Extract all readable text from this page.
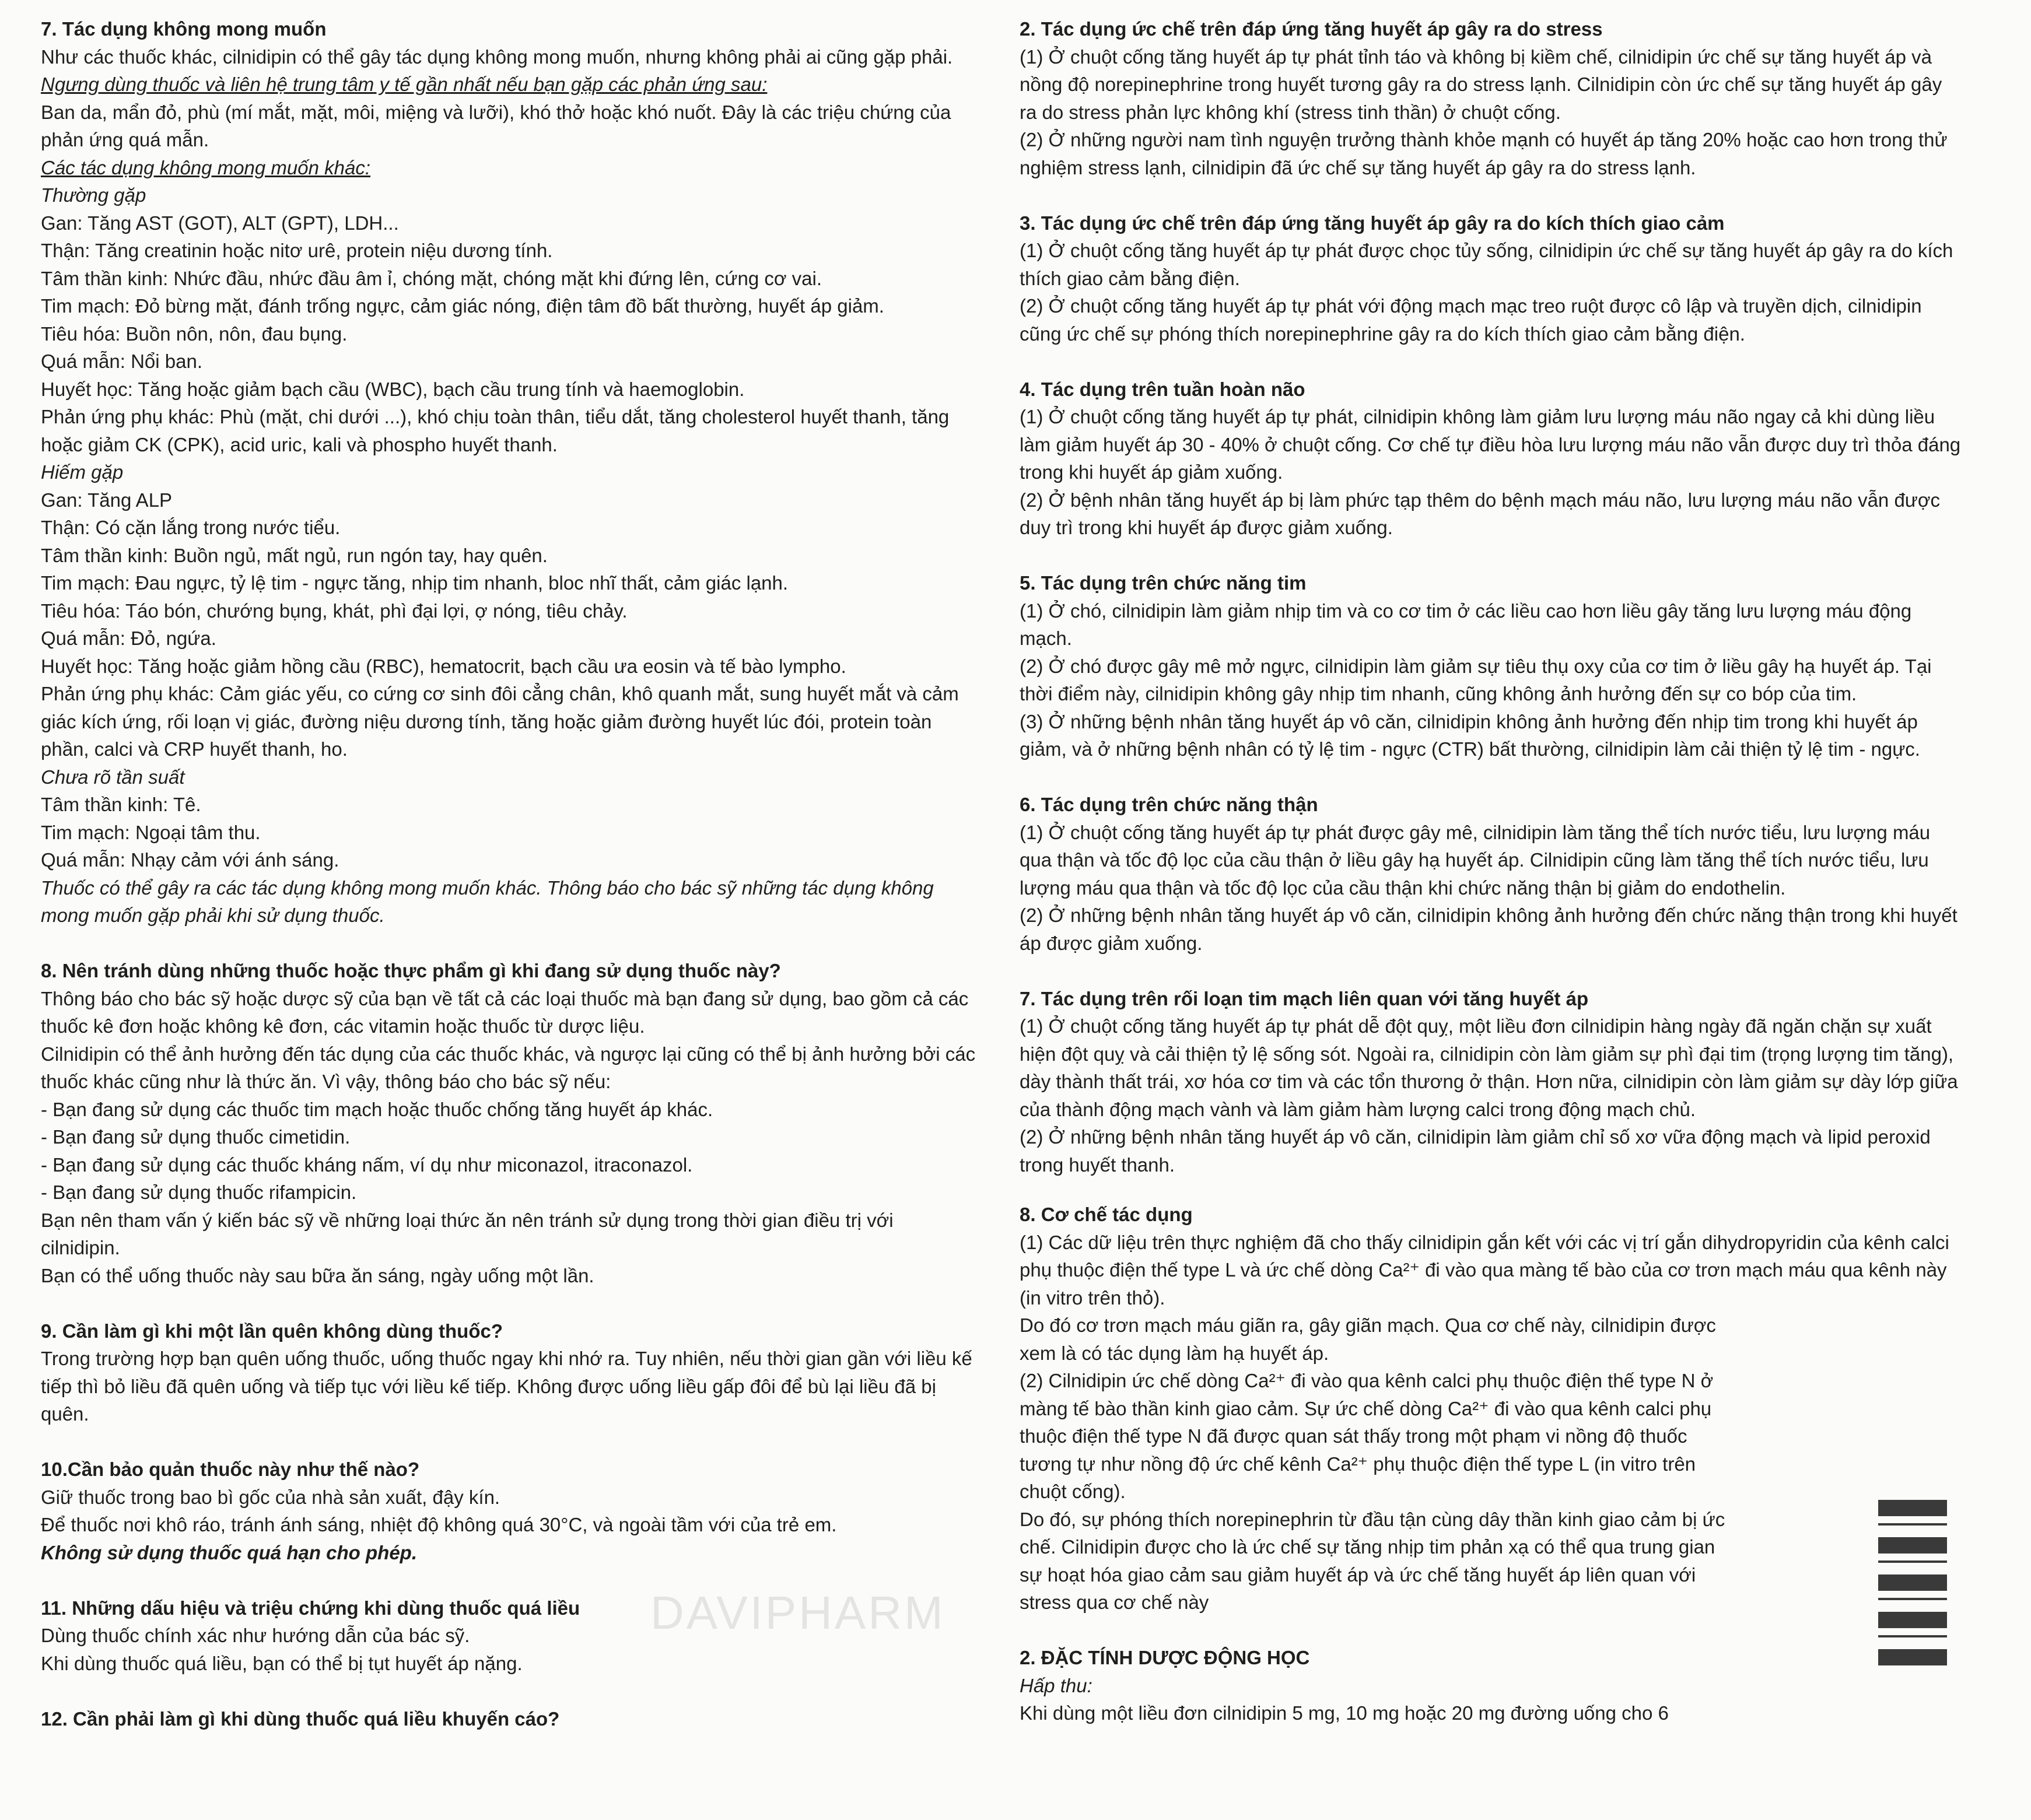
7. Tác dụng không mong muốn

Như các thuốc khác, cilnidipin có thể gây tác dụng không mong muốn, nhưng không phải ai cũng gặp phải.

Ngưng dùng thuốc và liên hệ trung tâm y tế gần nhất nếu bạn gặp các phản ứng sau:

Ban da, mẩn đỏ, phù (mí mắt, mặt, môi, miệng và lưỡi), khó thở hoặc khó nuốt. Đây là các triệu chứng của phản ứng quá mẫn.

Các tác dụng không mong muốn khác:

Thường gặp

Gan: Tăng AST (GOT), ALT (GPT), LDH...

Thận: Tăng creatinin hoặc nitơ urê, protein niệu dương tính.

Tâm thần kinh: Nhức đầu, nhức đầu âm ỉ, chóng mặt, chóng mặt khi đứng lên, cứng cơ vai.

Tim mạch: Đỏ bừng mặt, đánh trống ngực, cảm giác nóng, điện tâm đồ bất thường, huyết áp giảm.

Tiêu hóa: Buồn nôn, nôn, đau bụng.

Quá mẫn: Nổi ban.

Huyết học: Tăng hoặc giảm bạch cầu (WBC), bạch cầu trung tính và haemoglobin.

Phản ứng phụ khác: Phù (mặt, chi dưới ...), khó chịu toàn thân, tiểu dắt, tăng cholesterol huyết thanh, tăng hoặc giảm CK (CPK), acid uric, kali và phospho huyết thanh.

Hiếm gặp

Gan: Tăng ALP

Thận: Có cặn lắng trong nước tiểu.

Tâm thần kinh: Buồn ngủ, mất ngủ, run ngón tay, hay quên.

Tim mạch: Đau ngực, tỷ lệ tim - ngực tăng, nhịp tim nhanh, bloc nhĩ thất, cảm giác lạnh.

Tiêu hóa: Táo bón, chướng bụng, khát, phì đại lợi, ợ nóng, tiêu chảy.

Quá mẫn: Đỏ, ngứa.

Huyết học: Tăng hoặc giảm hồng cầu (RBC), hematocrit, bạch cầu ưa eosin và tế bào lympho.

Phản ứng phụ khác: Cảm giác yếu, co cứng cơ sinh đôi cẳng chân, khô quanh mắt, sung huyết mắt và cảm giác kích ứng, rối loạn vị giác, đường niệu dương tính, tăng hoặc giảm đường huyết lúc đói, protein toàn phần, calci và CRP huyết thanh, ho.

Chưa rõ tần suất

Tâm thần kinh: Tê.

Tim mạch: Ngoại tâm thu.

Quá mẫn: Nhạy cảm với ánh sáng.

Thuốc có thể gây ra các tác dụng không mong muốn khác. Thông báo cho bác sỹ những tác dụng không mong muốn gặp phải khi sử dụng thuốc.

8. Nên tránh dùng những thuốc hoặc thực phẩm gì khi đang sử dụng thuốc này?

Thông báo cho bác sỹ hoặc dược sỹ của bạn về tất cả các loại thuốc mà bạn đang sử dụng, bao gồm cả các thuốc kê đơn hoặc không kê đơn, các vitamin hoặc thuốc từ dược liệu.

Cilnidipin có thể ảnh hưởng đến tác dụng của các thuốc khác, và ngược lại cũng có thể bị ảnh hưởng bởi các thuốc khác cũng như là thức ăn. Vì vậy, thông báo cho bác sỹ nếu:

- Bạn đang sử dụng các thuốc tim mạch hoặc thuốc chống tăng huyết áp khác.

- Bạn đang sử dụng thuốc cimetidin.

- Bạn đang sử dụng các thuốc kháng nấm, ví dụ như miconazol, itraconazol.

- Bạn đang sử dụng thuốc rifampicin.

Bạn nên tham vấn ý kiến bác sỹ về những loại thức ăn nên tránh sử dụng trong thời gian điều trị với cilnidipin.

Bạn có thể uống thuốc này sau bữa ăn sáng, ngày uống một lần.

9. Cần làm gì khi một lần quên không dùng thuốc?

Trong trường hợp bạn quên uống thuốc, uống thuốc ngay khi nhớ ra. Tuy nhiên, nếu thời gian gần với liều kế tiếp thì bỏ liều đã quên uống và tiếp tục với liều kế tiếp. Không được uống liều gấp đôi để bù lại liều đã bị quên.

10.Cần bảo quản thuốc này như thế nào?

Giữ thuốc trong bao bì gốc của nhà sản xuất, đậy kín.

Để thuốc nơi khô ráo, tránh ánh sáng, nhiệt độ không quá 30°C, và ngoài tầm với của trẻ em.

Không sử dụng thuốc quá hạn cho phép.

11. Những dấu hiệu và triệu chứng khi dùng thuốc quá liều

Dùng thuốc chính xác như hướng dẫn của bác sỹ.

Khi dùng thuốc quá liều, bạn có thể bị tụt huyết áp nặng.

12. Cần phải làm gì khi dùng thuốc quá liều khuyến cáo?

2. Tác dụng ức chế trên đáp ứng tăng huyết áp gây ra do stress

(1) Ở chuột cống tăng huyết áp tự phát tỉnh táo và không bị kiềm chế, cilnidipin ức chế sự tăng huyết áp và nồng độ norepinephrine trong huyết tương gây ra do stress lạnh. Cilnidipin còn ức chế sự tăng huyết áp gây ra do stress phản lực không khí (stress tinh thần) ở chuột cống.

(2) Ở những người nam tình nguyện trưởng thành khỏe mạnh có huyết áp tăng 20% hoặc cao hơn trong thử nghiệm stress lạnh, cilnidipin đã ức chế sự tăng huyết áp gây ra do stress lạnh.

3. Tác dụng ức chế trên đáp ứng tăng huyết áp gây ra do kích thích giao cảm

(1) Ở chuột cống tăng huyết áp tự phát được chọc tủy sống, cilnidipin ức chế sự tăng huyết áp gây ra do kích thích giao cảm bằng điện.

(2) Ở chuột cống tăng huyết áp tự phát với động mạch mạc treo ruột được cô lập và truyền dịch, cilnidipin cũng ức chế sự phóng thích norepinephrine gây ra do kích thích giao cảm bằng điện.

4. Tác dụng trên tuần hoàn não

(1) Ở chuột cống tăng huyết áp tự phát, cilnidipin không làm giảm lưu lượng máu não ngay cả khi dùng liều làm giảm huyết áp 30 - 40% ở chuột cống. Cơ chế tự điều hòa lưu lượng máu não vẫn được duy trì thỏa đáng trong khi huyết áp giảm xuống.

(2) Ở bệnh nhân tăng huyết áp bị làm phức tạp thêm do bệnh mạch máu não, lưu lượng máu não vẫn được duy trì trong khi huyết áp được giảm xuống.

5. Tác dụng trên chức năng tim

(1) Ở chó, cilnidipin làm giảm nhịp tim và co cơ tim ở các liều cao hơn liều gây tăng lưu lượng máu động mạch.

(2) Ở chó được gây mê mở ngực, cilnidipin làm giảm sự tiêu thụ oxy của cơ tim ở liều gây hạ huyết áp. Tại thời điểm này, cilnidipin không gây nhịp tim nhanh, cũng không ảnh hưởng đến sự co bóp của tim.

(3) Ở những bệnh nhân tăng huyết áp vô căn, cilnidipin không ảnh hưởng đến nhịp tim trong khi huyết áp giảm, và ở những bệnh nhân có tỷ lệ tim - ngực (CTR) bất thường, cilnidipin làm cải thiện tỷ lệ tim - ngực.

6. Tác dụng trên chức năng thận

(1) Ở chuột cống tăng huyết áp tự phát được gây mê, cilnidipin làm tăng thể tích nước tiểu, lưu lượng máu qua thận và tốc độ lọc của cầu thận ở liều gây hạ huyết áp. Cilnidipin cũng làm tăng thể tích nước tiểu, lưu lượng máu qua thận và tốc độ lọc của cầu thận khi chức năng thận bị giảm do endothelin.

(2) Ở những bệnh nhân tăng huyết áp vô căn, cilnidipin không ảnh hưởng đến chức năng thận trong khi huyết áp được giảm xuống.

7. Tác dụng trên rối loạn tim mạch liên quan với tăng huyết áp

(1) Ở chuột cống tăng huyết áp tự phát dễ đột quỵ, một liều đơn cilnidipin hàng ngày đã ngăn chặn sự xuất hiện đột quỵ và cải thiện tỷ lệ sống sót. Ngoài ra, cilnidipin còn làm giảm sự phì đại tim (trọng lượng tim tăng), dày thành thất trái, xơ hóa cơ tim và các tổn thương ở thận. Hơn nữa, cilnidipin còn làm giảm sự dày lớp giữa của thành động mạch vành và làm giảm hàm lượng calci trong động mạch chủ.

(2) Ở những bệnh nhân tăng huyết áp vô căn, cilnidipin làm giảm chỉ số xơ vữa động mạch và lipid peroxid trong huyết thanh.

8. Cơ chế tác dụng

(1) Các dữ liệu trên thực nghiệm đã cho thấy cilnidipin gắn kết với các vị trí gắn dihydropyridin của kênh calci phụ thuộc điện thế type L và ức chế dòng Ca²⁺ đi vào qua màng tế bào của cơ trơn mạch máu qua kênh này (in vitro trên thỏ).

Do đó cơ trơn mạch máu giãn ra, gây giãn mạch. Qua cơ chế này, cilnidipin được xem là có tác dụng làm hạ huyết áp.

(2) Cilnidipin ức chế dòng Ca²⁺ đi vào qua kênh calci phụ thuộc điện thế type N ở màng tế bào thần kinh giao cảm. Sự ức chế dòng Ca²⁺ đi vào qua kênh calci phụ thuộc điện thế type N đã được quan sát thấy trong một phạm vi nồng độ thuốc tương tự như nồng độ ức chế kênh Ca²⁺ phụ thuộc điện thế type L (in vitro trên chuột cống).

Do đó, sự phóng thích norepinephrin từ đầu tận cùng dây thần kinh giao cảm bị ức chế. Cilnidipin được cho là ức chế sự tăng nhịp tim phản xạ có thể qua trung gian sự hoạt hóa giao cảm sau giảm huyết áp và ức chế tăng huyết áp liên quan với stress qua cơ chế này

2. ĐẶC TÍNH DƯỢC ĐỘNG HỌC

Hấp thu:

Khi dùng một liều đơn cilnidipin 5 mg, 10 mg hoặc 20 mg đường uống cho 6

DAVIPHARM
